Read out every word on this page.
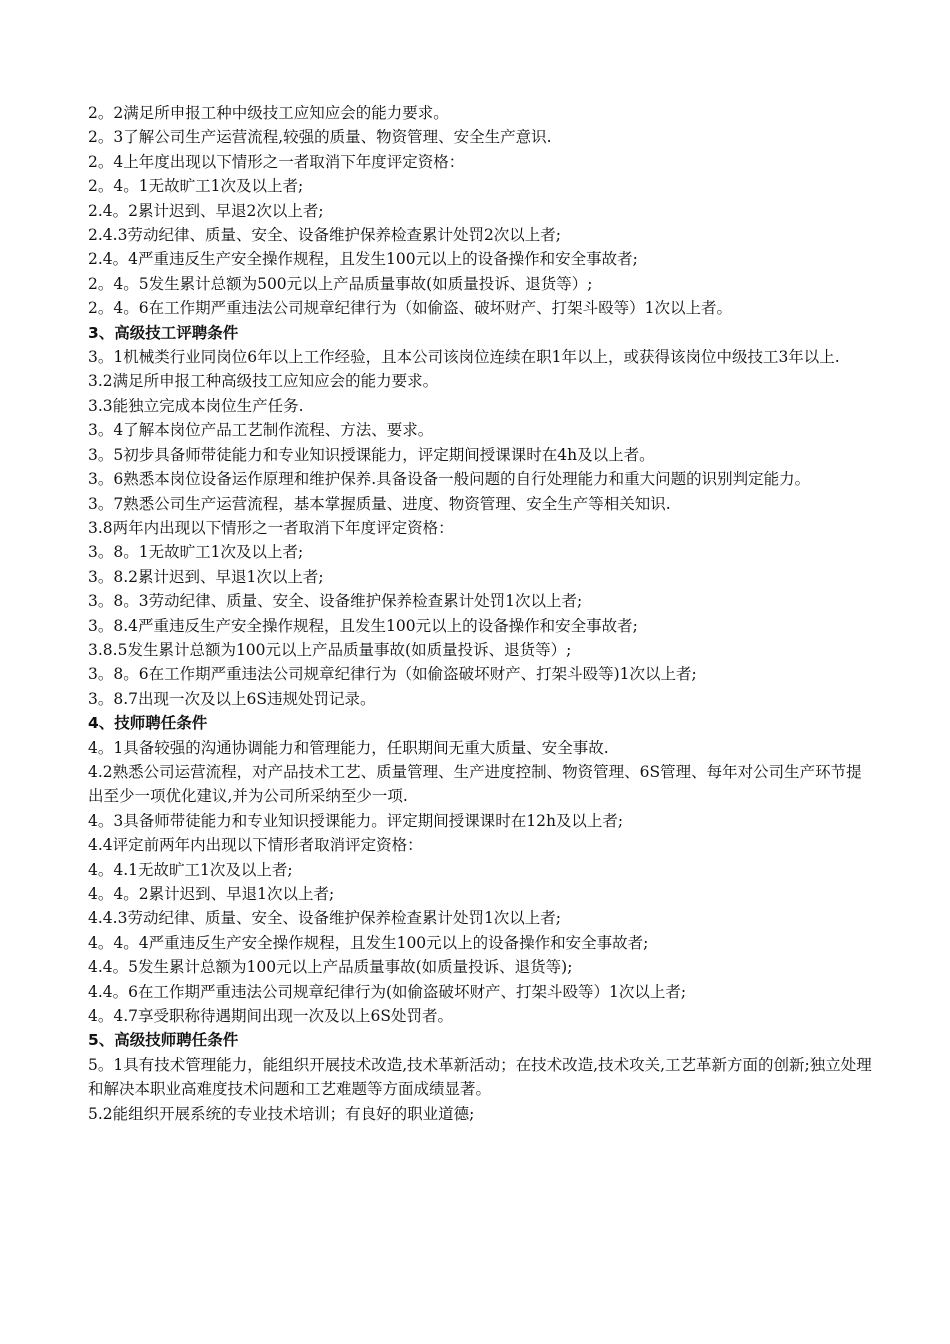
2。2满足所申报工种中级技工应知应会的能力要求。
2。3了解公司生产运营流程,较强的质量、物资管理、安全生产意识.
2。4上年度出现以下情形之一者取消下年度评定资格：
2。4。1无故旷工1次及以上者;
2.4。2累计迟到、早退2次以上者;
2.4.3劳动纪律、质量、安全、设备维护保养检查累计处罚2次以上者;
2.4。4严重违反生产安全操作规程，且发生100元以上的设备操作和安全事故者;
2。4。5发生累计总额为500元以上产品质量事故(如质量投诉、退货等）;
2。4。6在工作期严重违法公司规章纪律行为（如偷盗、破坏财产、打架斗殴等）1次以上者。
3、高级技工评聘条件
3。1机械类行业同岗位6年以上工作经验，且本公司该岗位连续在职1年以上，或获得该岗位中级技工3年以上.
3.2满足所申报工种高级技工应知应会的能力要求。
3.3能独立完成本岗位生产任务.
3。4了解本岗位产品工艺制作流程、方法、要求。
3。5初步具备师带徒能力和专业知识授课能力，评定期间授课课时在4h及以上者。
3。6熟悉本岗位设备运作原理和维护保养.具备设备一般问题的自行处理能力和重大问题的识别判定能力。
3。7熟悉公司生产运营流程，基本掌握质量、进度、物资管理、安全生产等相关知识.
3.8两年内出现以下情形之一者取消下年度评定资格：
3。8。1无故旷工1次及以上者;
3。8.2累计迟到、早退1次以上者;
3。8。3劳动纪律、质量、安全、设备维护保养检查累计处罚1次以上者;
3。8.4严重违反生产安全操作规程，且发生100元以上的设备操作和安全事故者;
3.8.5发生累计总额为100元以上产品质量事故(如质量投诉、退货等）;
3。8。6在工作期严重违法公司规章纪律行为（如偷盗破坏财产、打架斗殴等)1次以上者;
3。8.7出现一次及以上6S违规处罚记录。
4、技师聘任条件
4。1具备较强的沟通协调能力和管理能力，任职期间无重大质量、安全事故.
4.2熟悉公司运营流程，对产品技术工艺、质量管理、生产进度控制、物资管理、6S管理、每年对公司生产环节提出至少一项优化建议,并为公司所采纳至少一项.
4。3具备师带徒能力和专业知识授课能力。评定期间授课课时在12h及以上者;
4.4评定前两年内出现以下情形者取消评定资格：
4。4.1无故旷工1次及以上者;
4。4。2累计迟到、早退1次以上者;
4.4.3劳动纪律、质量、安全、设备维护保养检查累计处罚1次以上者;
4。4。4严重违反生产安全操作规程，且发生100元以上的设备操作和安全事故者;
4.4。5发生累计总额为100元以上产品质量事故(如质量投诉、退货等);
4.4。6在工作期严重违法公司规章纪律行为(如偷盗破坏财产、打架斗殴等）1次以上者;
4。4.7享受职称待遇期间出现一次及以上6S处罚者。
5、高级技师聘任条件
5。1具有技术管理能力，能组织开展技术改造,技术革新活动；在技术改造,技术攻关,工艺革新方面的创新;独立处理和解决本职业高难度技术问题和工艺难题等方面成绩显著。
5.2能组织开展系统的专业技术培训；有良好的职业道德;
